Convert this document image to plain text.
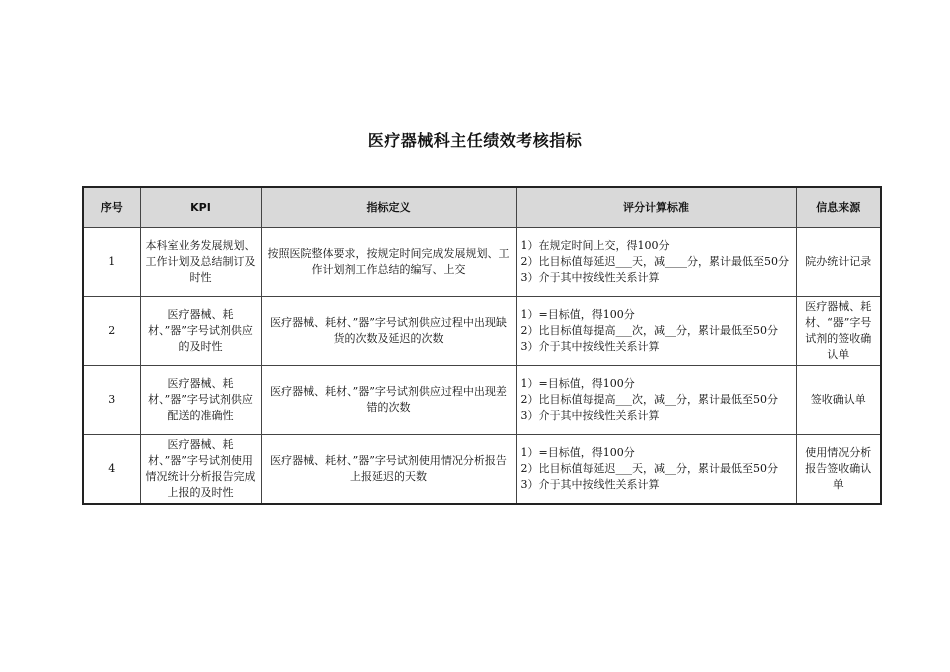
医疗器械科主任绩效考核指标
序号	KPI	指标定义	评分计算标准	信息来源
1	本科室业务发展规划、工作计划及总结制订及时性	按照医院整体要求，按规定时间完成发展规划、工作计划剂工作总结的编写、上交	1）在规定时间上交，得100分
2）比目标值每延迟___天，减____分，累计最低至50分
3）介于其中按线性关系计算	院办统计记录
2	医疗器械、耗材、”器”字号试剂供应的及时性	医疗器械、耗材、”器”字号试剂供应过程中出现缺货的次数及延迟的次数	1）=目标值，得100分
2）比目标值每提高___次，减__分，累计最低至50分
3）介于其中按线性关系计算	医疗器械、耗材、“器”字号试剂的签收确认单
3	医疗器械、耗材、”器”字号试剂供应配送的准确性	医疗器械、耗材、”器”字号试剂供应过程中出现差错的次数	1）=目标值，得100分
2）比目标值每提高___次，减__分，累计最低至50分
3）介于其中按线性关系计算	签收确认单
4	医疗器械、耗材、”器”字号试剂使用情况统计分析报告完成上报的及时性	医疗器械、耗材、”器”字号试剂使用情况分析报告上报延迟的天数	1）=目标值，得100分
2）比目标值每延迟___天，减__分，累计最低至50分
3）介于其中按线性关系计算	使用情况分析报告签收确认单
